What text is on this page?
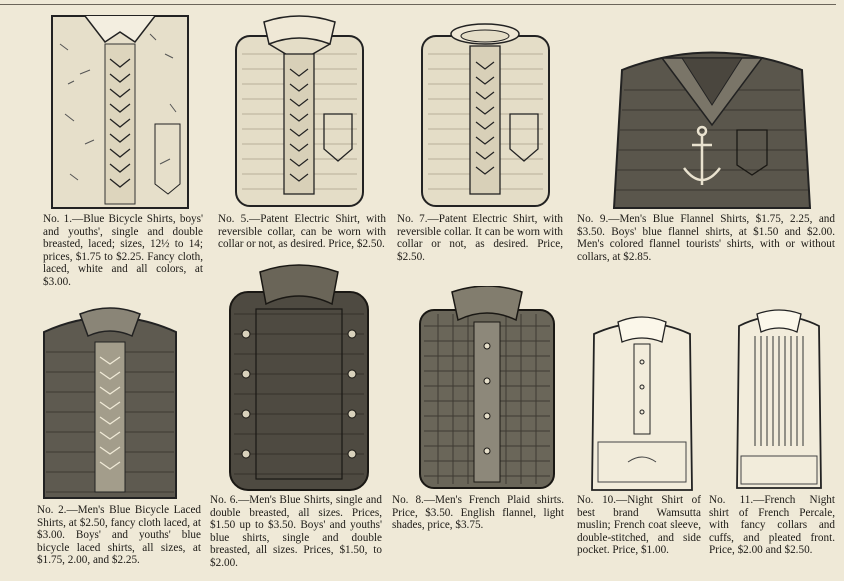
No. 1.—Blue Bicycle Shirts, boys' and youths', single and double breasted, laced; sizes, 12½ to 14; prices, $1.75 to $2.25. Fancy cloth, laced, white and all colors, at $3.00.

No. 5.—Patent Electric Shirt, with reversible collar, can be worn with collar or not, as desired. Price, $2.50.

No. 7.—Patent Electric Shirt, with reversible collar. It can be worn with collar or not, as desired. Price, $2.50.

No. 9.—Men's Blue Flannel Shirts, $1.75, 2.25, and $3.50. Boys' blue flannel shirts, at $1.50 and $2.00. Men's colored flannel tourists' shirts, with or without collars, at $2.85.

No. 2.—Men's Blue Bicycle Laced Shirts, at $2.50, fancy cloth laced, at $3.00. Boys' and youths' blue bicycle laced shirts, all sizes, at $1.75, 2.00, and $2.25.

No. 6.—Men's Blue Shirts, single and double breasted, all sizes. Prices, $1.50 up to $3.50. Boys' and youths' blue shirts, single and double breasted, all sizes. Prices, $1.50, to $2.00.

No. 8.—Men's French Plaid shirts. Price, $3.50. English flannel, light shades, price, $3.75.

No. 10.—Night Shirt of best brand Wamsutta muslin; French coat sleeve, double-stitched, and side pocket. Price, $1.00.

No. 11.—French Night shirt of French Percale, with fancy collars and cuffs, and pleated front. Price, $2.00 and $2.50.
